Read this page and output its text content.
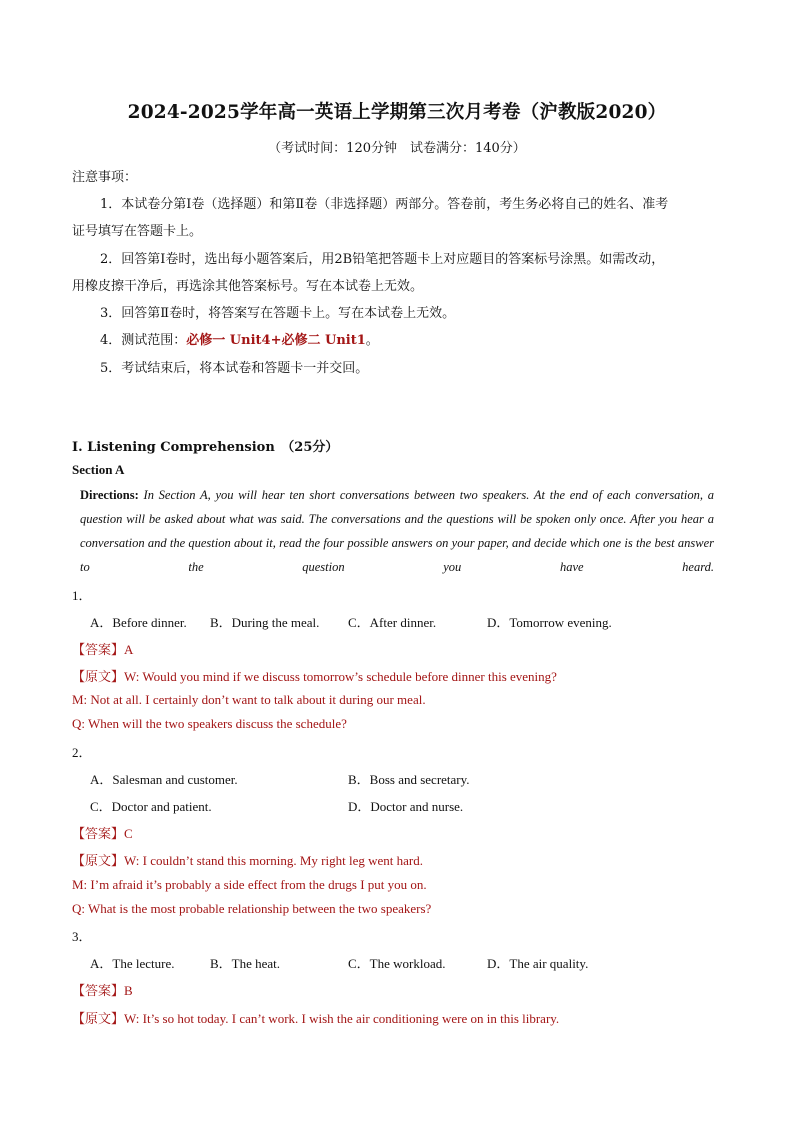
2024-2025学年高一英语上学期第三次月考卷（沪教版2020）
（考试时间：120分钟　试卷满分：140分）
注意事项：
1．本试卷分第Ⅰ卷（选择题）和第Ⅱ卷（非选择题）两部分。答卷前，考生务必将自己的姓名、准考
证号填写在答题卡上。
2．回答第Ⅰ卷时，选出每小题答案后，用2B铅笔把答题卡上对应题目的答案标号涂黑。如需改动，
用橡皮擦干净后，再选涂其他答案标号。写在本试卷上无效。
3．回答第Ⅱ卷时，将答案写在答题卡上。写在本试卷上无效。
4．测试范围：必修一 Unit4+必修二 Unit1。
5．考试结束后，将本试卷和答题卡一并交回。
I. Listening Comprehension　（25分）
Section A
Directions: In Section A, you will hear ten short conversations between two speakers. At the end of each conversation, a question will be asked about what was said. The conversations and the questions will be spoken only once. After you hear a conversation and the question about it, read the four possible answers on your paper, and decide which one is the best answer to the question you have heard.
1．
A．Before dinner. B．During the meal. C．After dinner.	D．Tomorrow evening.
【答案】A
【原文】W: Would you mind if we discuss tomorrow’s schedule before dinner this evening?
M: Not at all. I certainly don’t want to talk about it during our meal.
Q: When will the two speakers discuss the schedule?
2．
A．Salesman and customer.	B．Boss and secretary.
C．Doctor and patient.	D．Doctor and nurse.
【答案】C
【原文】W: I couldn’t stand this morning. My right leg went hard.
M: I’m afraid it’s probably a side effect from the drugs I put you on.
Q: What is the most probable relationship between the two speakers?
3．
A．The lecture.	B．The heat.	C．The workload.	D．The air quality.
【答案】B
【原文】W: It’s so hot today. I can’t work. I wish the air conditioning were on in this library.
